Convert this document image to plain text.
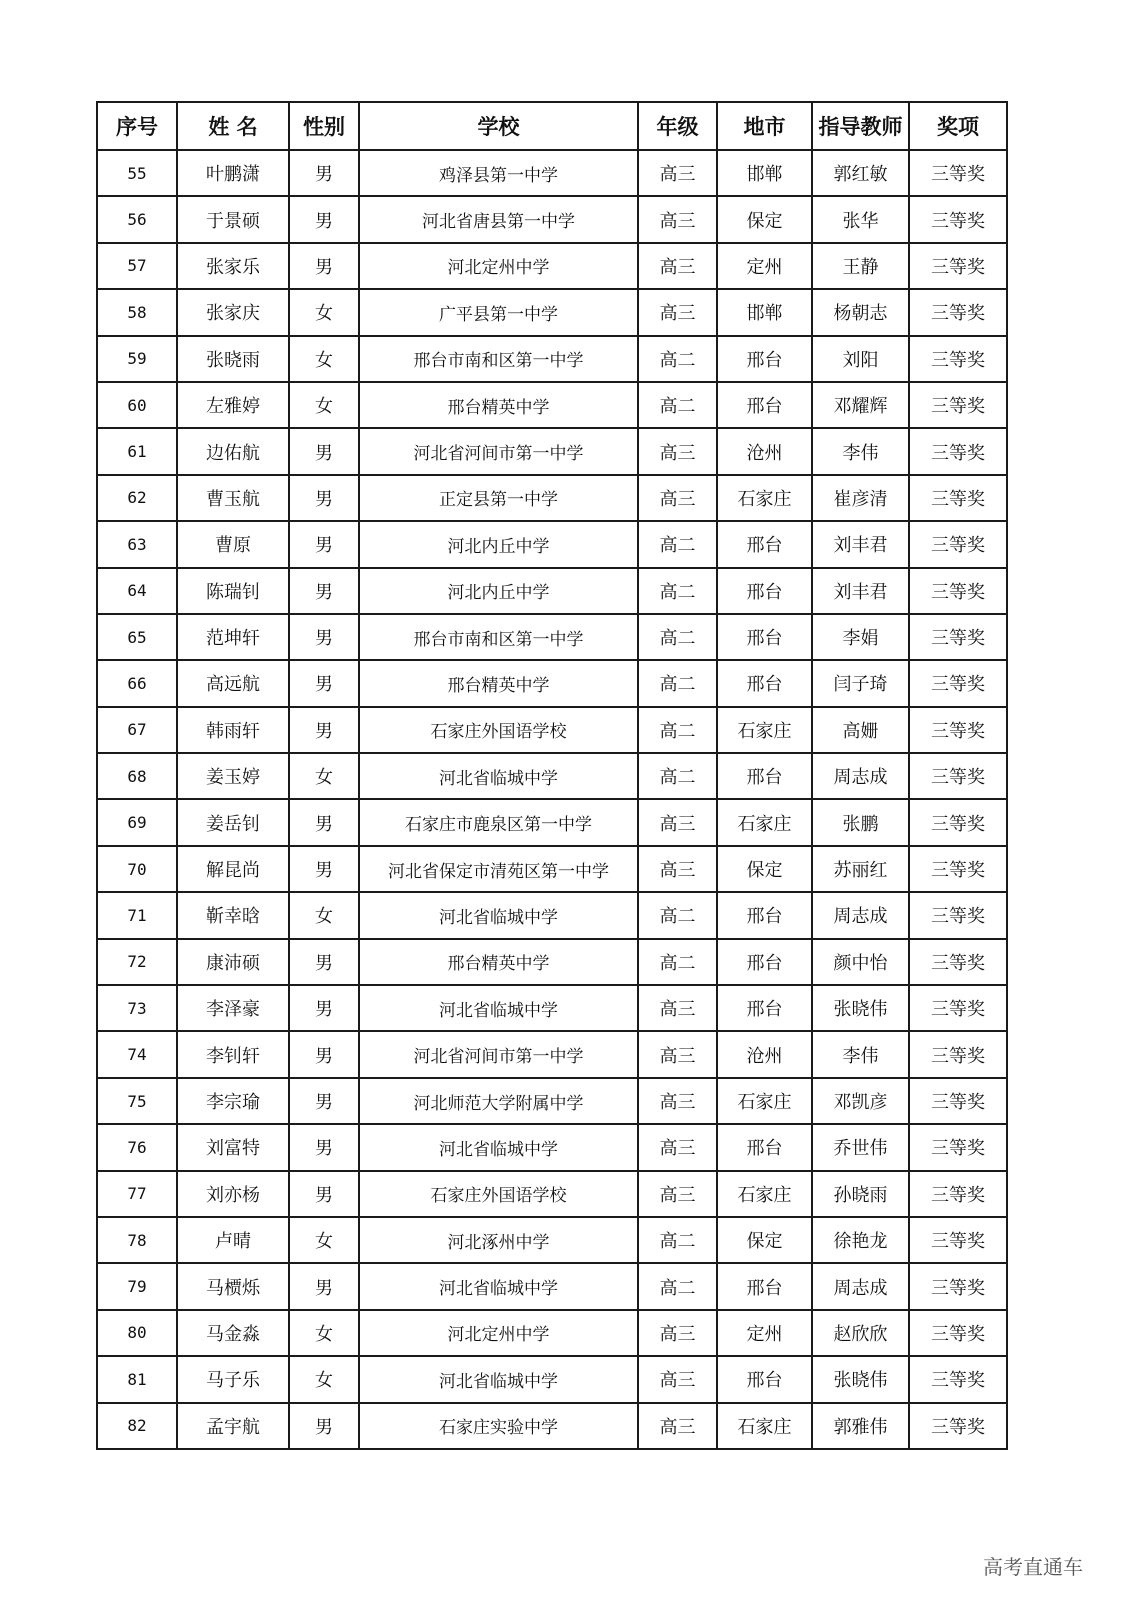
序号	姓 名	性别	学校	年级	地市	指导教师	奖项
55	叶鹏潇	男	鸡泽县第一中学	高三	邯郸	郭红敏	三等奖
56	于景硕	男	河北省唐县第一中学	高三	保定	张华	三等奖
57	张家乐	男	河北定州中学	高三	定州	王静	三等奖
58	张家庆	女	广平县第一中学	高三	邯郸	杨朝志	三等奖
59	张晓雨	女	邢台市南和区第一中学	高二	邢台	刘阳	三等奖
60	左雅婷	女	邢台精英中学	高二	邢台	邓耀辉	三等奖
61	边佑航	男	河北省河间市第一中学	高三	沧州	李伟	三等奖
62	曹玉航	男	正定县第一中学	高三	石家庄	崔彦清	三等奖
63	曹原	男	河北内丘中学	高二	邢台	刘丰君	三等奖
64	陈瑞钊	男	河北内丘中学	高二	邢台	刘丰君	三等奖
65	范坤轩	男	邢台市南和区第一中学	高二	邢台	李娟	三等奖
66	高远航	男	邢台精英中学	高二	邢台	闫子琦	三等奖
67	韩雨轩	男	石家庄外国语学校	高二	石家庄	高姗	三等奖
68	姜玉婷	女	河北省临城中学	高二	邢台	周志成	三等奖
69	姜岳钊	男	石家庄市鹿泉区第一中学	高三	石家庄	张鹏	三等奖
70	解昆尚	男	河北省保定市清苑区第一中学	高三	保定	苏丽红	三等奖
71	靳幸晗	女	河北省临城中学	高二	邢台	周志成	三等奖
72	康沛硕	男	邢台精英中学	高二	邢台	颜中怡	三等奖
73	李泽豪	男	河北省临城中学	高三	邢台	张晓伟	三等奖
74	李钊轩	男	河北省河间市第一中学	高三	沧州	李伟	三等奖
75	李宗瑜	男	河北师范大学附属中学	高三	石家庄	邓凯彦	三等奖
76	刘富特	男	河北省临城中学	高三	邢台	乔世伟	三等奖
77	刘亦杨	男	石家庄外国语学校	高三	石家庄	孙晓雨	三等奖
78	卢晴	女	河北涿州中学	高二	保定	徐艳龙	三等奖
79	马槚烁	男	河北省临城中学	高二	邢台	周志成	三等奖
80	马金淼	女	河北定州中学	高三	定州	赵欣欣	三等奖
81	马子乐	女	河北省临城中学	高三	邢台	张晓伟	三等奖
82	孟宇航	男	石家庄实验中学	高三	石家庄	郭雅伟	三等奖
高考直通车
